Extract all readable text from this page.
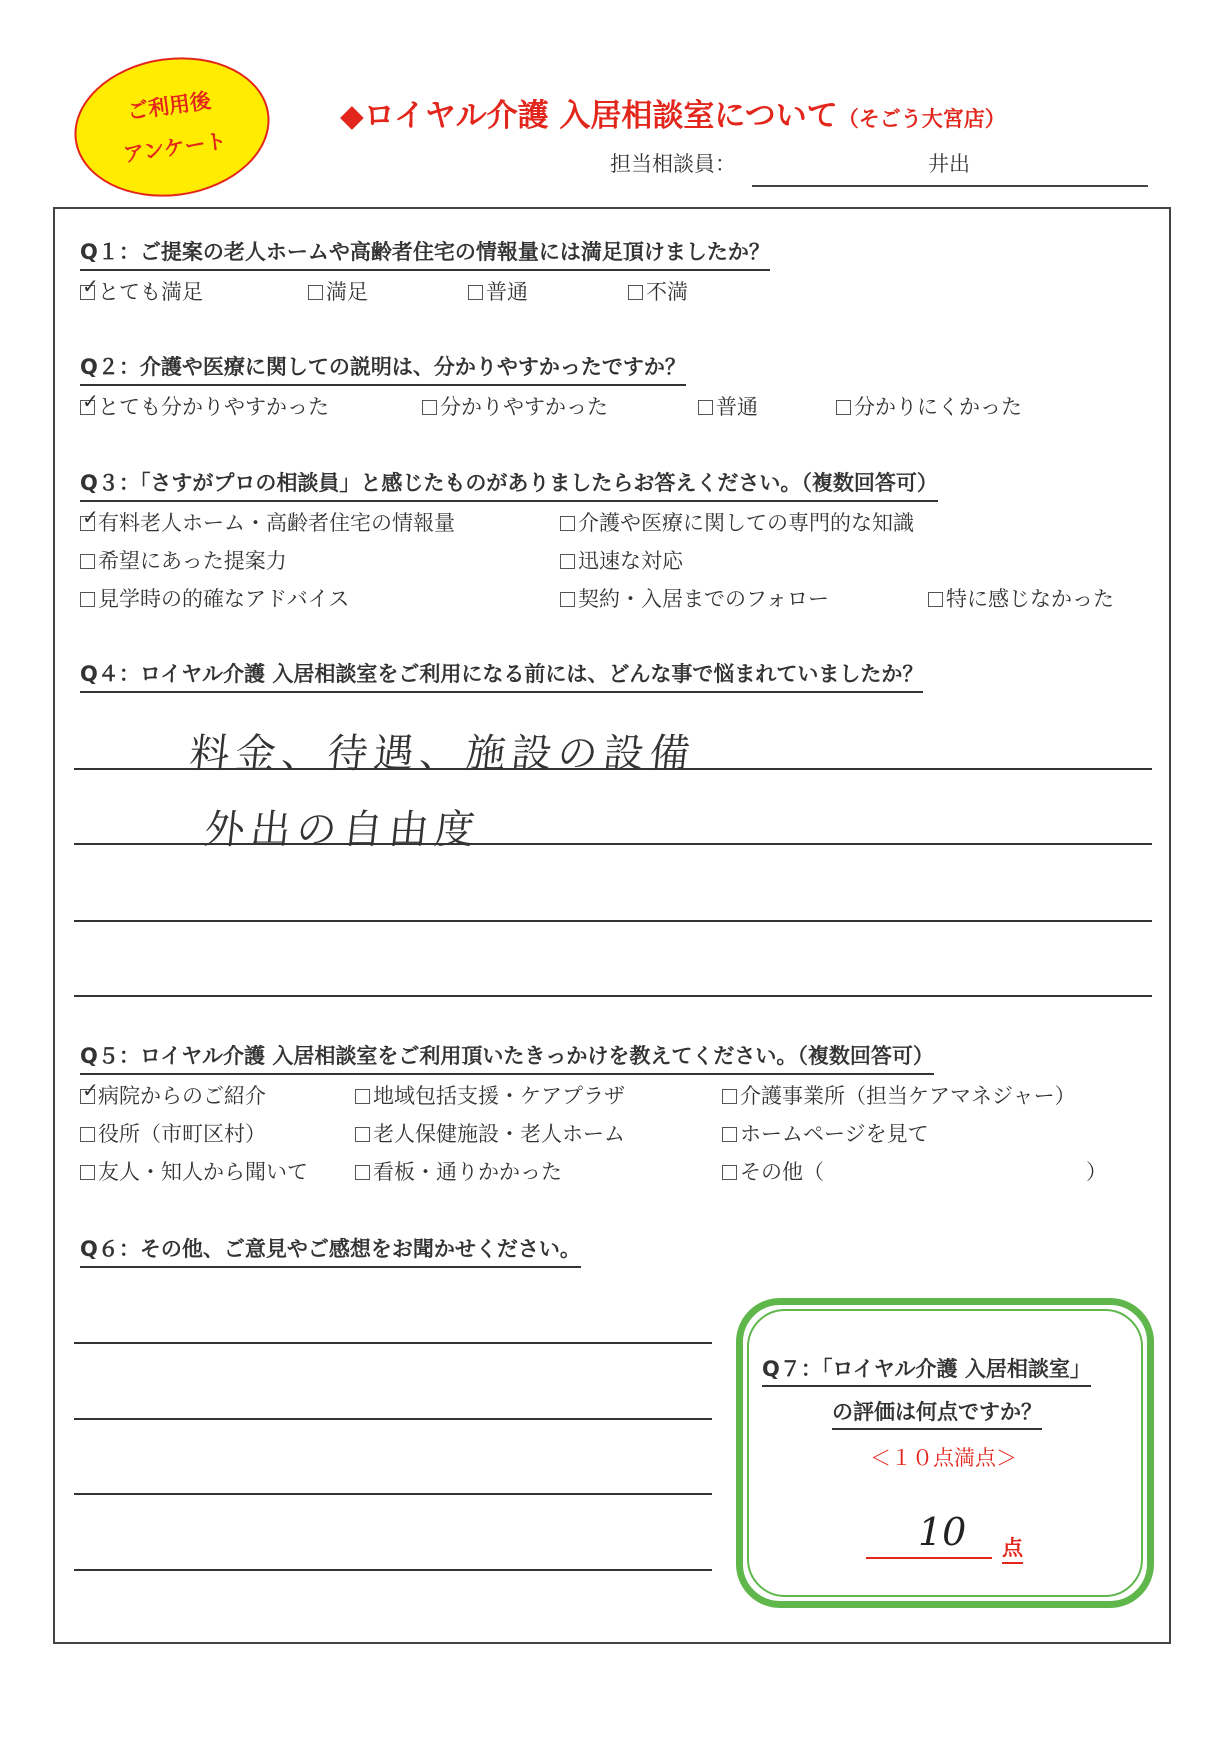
ご利用後
アンケート
◆ロイヤル介護 入居相談室について（そごう大宮店）
担当相談員：	井出
Q１：ご提案の老人ホームや高齢者住宅の情報量には満足頂けましたか？
✓ とても満足	満足	普通	不満
Q２：介護や医療に関しての説明は、分かりやすかったですか？
✓ とても分かりやすかった	分かりやすかった	普通	分かりにくかった
Q３：「さすがプロの相談員」と感じたものがありましたらお答えください。（複数回答可）
✓ 有料老人ホーム・高齢者住宅の情報量	介護や医療に関しての専門的な知識
希望にあった提案力	迅速な対応
見学時の的確なアドバイス	契約・入居までのフォロー	特に感じなかった
Q４：ロイヤル介護 入居相談室をご利用になる前には、どんな事で悩まれていましたか？
料金、待遇、施設の設備
外出の自由度
Q５：ロイヤル介護 入居相談室をご利用頂いたきっかけを教えてください。（複数回答可）
✓ 病院からのご紹介	地域包括支援・ケアプラザ	介護事業所（担当ケアマネジャー）
役所（市町区村）	老人保健施設・老人ホーム	ホームページを見て
友人・知人から聞いて	看板・通りかかった	その他（	）
Q６：その他、ご意見やご感想をお聞かせください。
Q７：「ロイヤル介護 入居相談室」
の評価は何点ですか？
＜１０点満点＞
10 点
